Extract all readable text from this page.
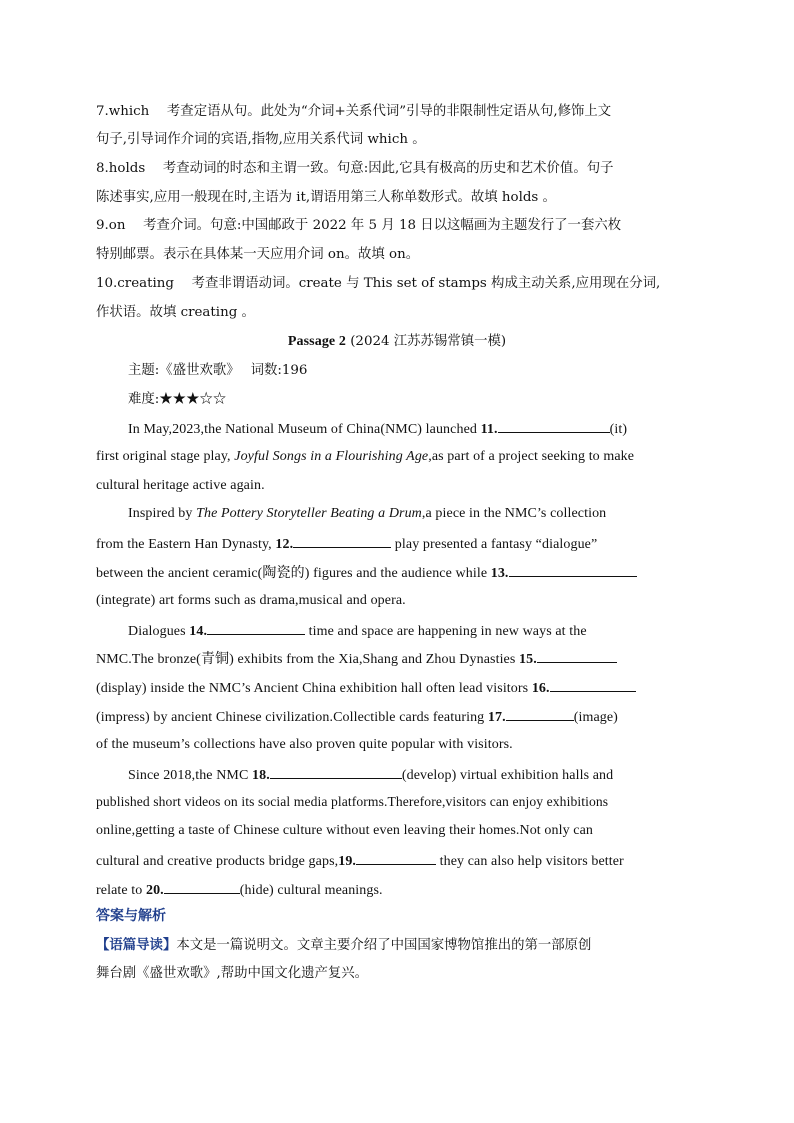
7.which　 考查定语从句。此处为“介词+关系代词”引导的非限制性定语从句,修饰上文
句子,引导词作介词的宾语,指物,应用关系代词 which 。
8.holds　 考查动词的时态和主谓一致。句意:因此,它具有极高的历史和艺术价值。句子
陈述事实,应用一般现在时,主语为 it,谓语用第三人称单数形式。故填 holds 。
9.on　 考查介词。句意:中国邮政于 2022 年 5 月 18 日以这幅画为主题发行了一套六枚
特别邮票。表示在具体某一天应用介词 on。故填 on。
10.creating　 考查非谓语动词。create 与 This set of stamps 构成主动关系,应用现在分词,
作状语。故填 creating 。
Passage 2 (2024 江苏苏锡常镇一模)
主题:《盛世欢歌》　 词数:196
难度:★★★☆☆
In May,2023,the National Museum of China(NMC) launched 11.	(it)
first original stage play, Joyful Songs in a Flourishing Age,as part of a project seeking to make
cultural heritage active again.
Inspired by The Pottery Storyteller Beating a Drum,a piece in the NMC’s collection
from the Eastern Han Dynasty, 12.	play presented a fantasy “dialogue”
between the ancient ceramic(陶瓷的) figures and the audience while 13.
(integrate) art forms such as drama,musical and opera.
Dialogues 14.	time and space are happening in new ways at the
NMC.The bronze(青铜) exhibits from the Xia,Shang and Zhou Dynasties 15.
(display) inside the NMC’s Ancient China exhibition hall often lead visitors 16.
(impress) by ancient Chinese civilization.Collectible cards featuring 17.	(image)
of the museum’s collections have also proven quite popular with visitors.
Since 2018,the NMC 18.	(develop) virtual exhibition halls and
published short videos on its social media platforms.Therefore,visitors can enjoy exhibitions
online,getting a taste of Chinese culture without even leaving their homes.Not only can
cultural and creative products bridge gaps,19.	they can also help visitors better
relate to 20.	(hide) cultural meanings.
答案与解析
【语篇导读】本文是一篇说明文。文章主要介绍了中国国家博物馆推出的第一部原创
舞台剧《盛世欢歌》,帮助中国文化遗产复兴。
